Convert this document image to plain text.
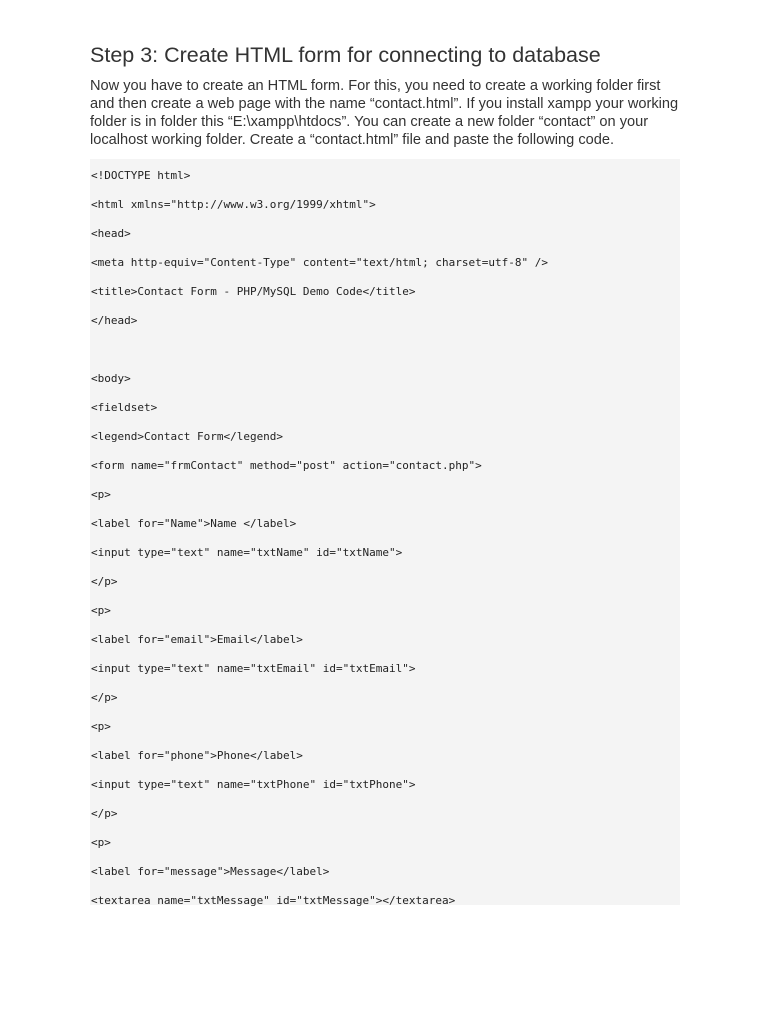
Step 3: Create HTML form for connecting to database

Now you have to create an HTML form. For this, you need to create a working folder first and then create a web page with the name “contact.html”. If you install xampp your working folder is in folder this “E:\xampp\htdocs”. You can create a new folder “contact” on your localhost working folder. Create a “contact.html” file and paste the following code.

<!DOCTYPE html>
<html xmlns="http://www.w3.org/1999/xhtml">
<head>
<meta http-equiv="Content-Type" content="text/html; charset=utf-8" />
<title>Contact Form - PHP/MySQL Demo Code</title>
</head>
<body>
<fieldset>
<legend>Contact Form</legend>
<form name="frmContact" method="post" action="contact.php">
<p>
<label for="Name">Name </label>
<input type="text" name="txtName" id="txtName">
</p>
<p>
<label for="email">Email</label>
<input type="text" name="txtEmail" id="txtEmail">
</p>
<p>
<label for="phone">Phone</label>
<input type="text" name="txtPhone" id="txtPhone">
</p>
<p>
<label for="message">Message</label>
<textarea name="txtMessage" id="txtMessage"></textarea>
